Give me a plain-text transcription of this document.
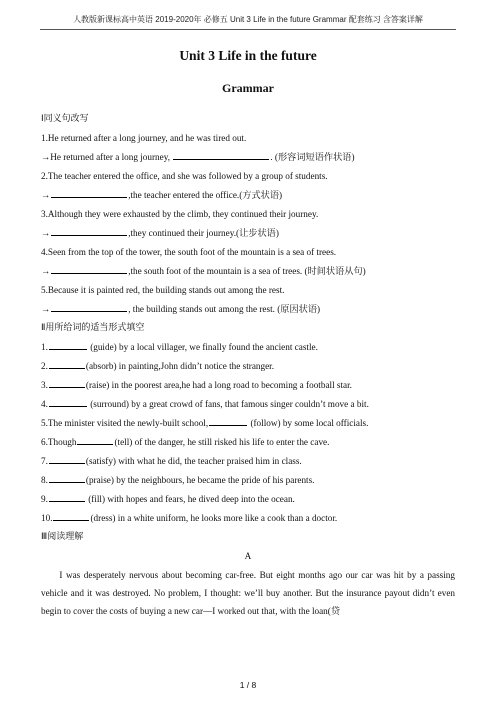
人教版新课标高中英语 2019-2020年 必修五 Unit 3 Life in the future Grammar 配套练习 含答案详解
Unit 3 Life in the future
Grammar
Ⅰ同义句改写
1.He returned after a long journey, and he was tired out.
→He returned after a long journey,	. (形容词短语作状语)
2.The teacher entered the office, and she was followed by a group of students.
→	,the teacher entered the office.(方式状语)
3.Although they were exhausted by the climb, they continued their journey.
→	,they continued their journey.(让步状语)
4.Seen from the top of the tower, the south foot of the mountain is a sea of trees.
→	,the south foot of the mountain is a sea of trees. (时间状语从句)
5.Because it is painted red, the building stands out among the rest.
→	, the building stands out among the rest. (原因状语)
Ⅱ用所给词的适当形式填空
1.	(guide) by a local villager, we finally found the ancient castle.
2.	(absorb) in painting,John didn’t notice the stranger.
3.	(raise) in the poorest area,he had a long road to becoming a football star.
4.	(surround) by a great crowd of fans, that famous singer couldn’t move a bit.
5.The minister visited the newly-built school,	(follow) by some local officials.
6.Though	(tell) of the danger, he still risked his life to enter the cave.
7.	(satisfy) with what he did, the teacher praised him in class.
8.	(praise) by the neighbours, he became the pride of his parents.
9.	(fill) with hopes and fears, he dived deep into the ocean.
10.	(dress) in a white uniform, he looks more like a cook than a doctor.
Ⅲ阅读理解
A
I was desperately nervous about becoming car-free. But eight months ago our car was hit by a passing vehicle and it was destroyed. No problem, I thought: we’ll buy another. But the insurance payout didn’t even begin to cover the costs of buying a new car—I worked out that, with the loan(贷
1 / 8
